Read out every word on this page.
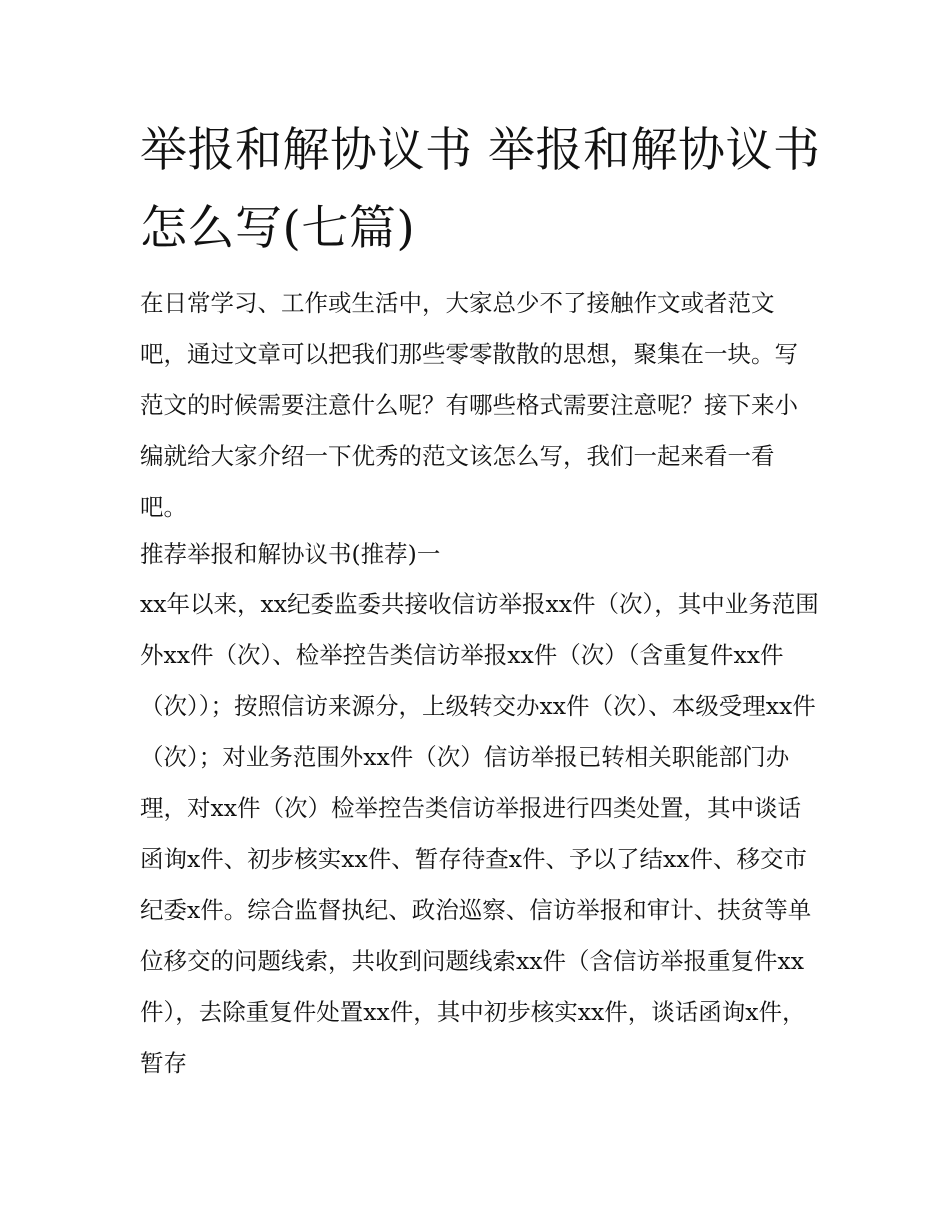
举报和解协议书 举报和解协议书怎么写(七篇)

在日常学习、工作或生活中，大家总少不了接触作文或者范文吧，通过文章可以把我们那些零零散散的思想，聚集在一块。写范文的时候需要注意什么呢？有哪些格式需要注意呢？接下来小编就给大家介绍一下优秀的范文该怎么写，我们一起来看一看吧。

推荐举报和解协议书(推荐)一

xx年以来，xx纪委监委共接收信访举报xx件（次），其中业务范围外xx件（次）、检举控告类信访举报xx件（次）（含重复件xx件（次））；按照信访来源分，上级转交办xx件（次）、本级受理xx件（次）；对业务范围外xx件（次）信访举报已转相关职能部门办理，对xx件（次）检举控告类信访举报进行四类处置，其中谈话函询x件、初步核实xx件、暂存待查x件、予以了结xx件、移交市纪委x件。综合监督执纪、政治巡察、信访举报和审计、扶贫等单位移交的问题线索，共收到问题线索xx件（含信访举报重复件xx件），去除重复件处置xx件，其中初步核实xx件，谈话函询x件，暂存
